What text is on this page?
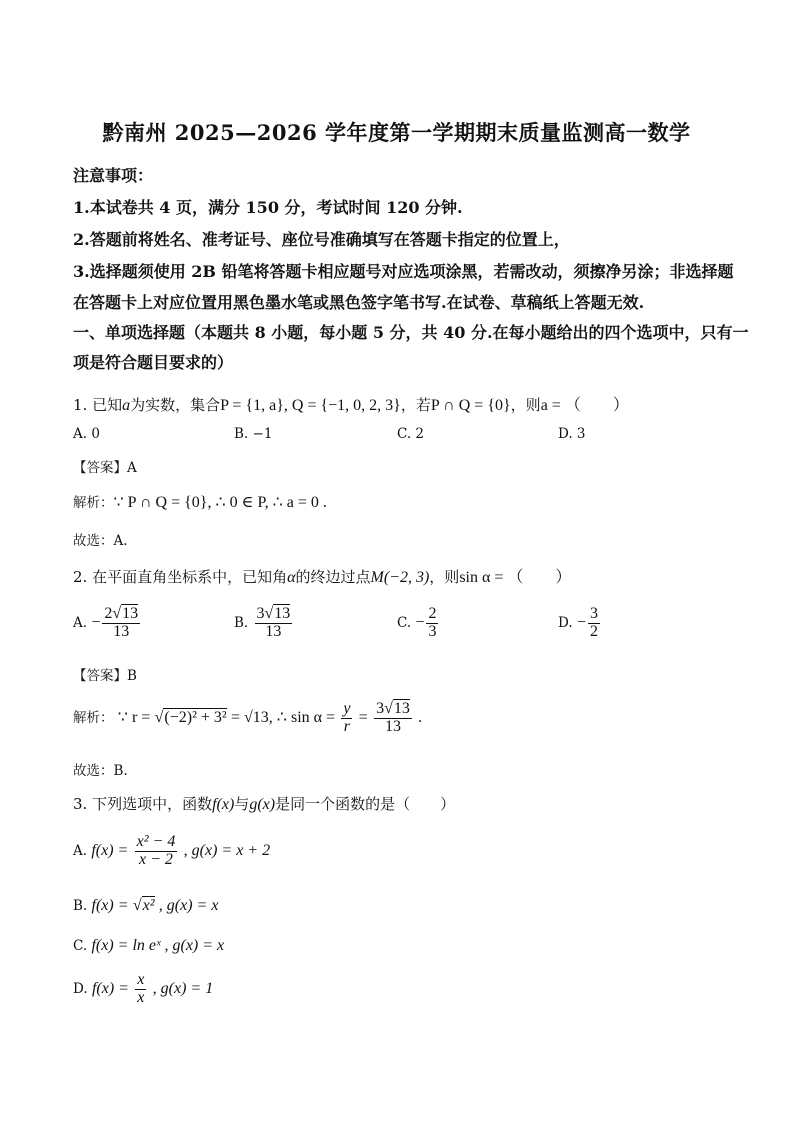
黔南州 2025—2026 学年度第一学期期末质量监测高一数学
注意事项：
1.本试卷共 4 页，满分 150 分，考试时间 120 分钟.
2.答题前将姓名、准考证号、座位号准确填写在答题卡指定的位置上，
3.选择题须使用 2B 铅笔将答题卡相应题号对应选项涂黑，若需改动，须擦净另涂；非选择题
在答题卡上对应位置用黑色墨水笔或黑色签字笔书写.在试卷、草稿纸上答题无效.
一、单项选择题（本题共 8 小题，每小题 5 分，共 40 分.在每小题给出的四个选项中，只有一
项是符合题目要求的）
1. 已知a为实数，集合P = {1, a}, Q = {−1, 0, 2, 3}，若P ∩ Q = {0}，则a = （　　）
A. 0	B. −1	C. 2	D. 3
【答案】A
解析：∵ P ∩ Q = {0}, ∴ 0 ∈ P, ∴ a = 0 .
故选：A.
2. 在平面直角坐标系中，已知角α的终边过点M(−2, 3)，则sin α = （　　）
A. − $\frac{2√13}{13}$	B. $\frac{3√13}{13}$	C. − $\frac{2}{3}$	D. − $\frac{3}{2}$
【答案】B
解析： ∵ r = √(−2)² + 3² = √13, ∴ $\sin \alpha = \frac{y}{r} = \frac{3√13}{13}$ .
故选：B.
3. 下列选项中，函数f(x)与g(x)是同一个函数的是（　　）
A. $f(x) = \frac{\text{x² − 4}}{x - 2}$ , g(x) = x + 2
B. f(x) = √x² , g(x) = x
C. f(x) = ln eˣ , g(x) = x
D. $f(x) = \frac{x}{x}$ , g(x) = 1
